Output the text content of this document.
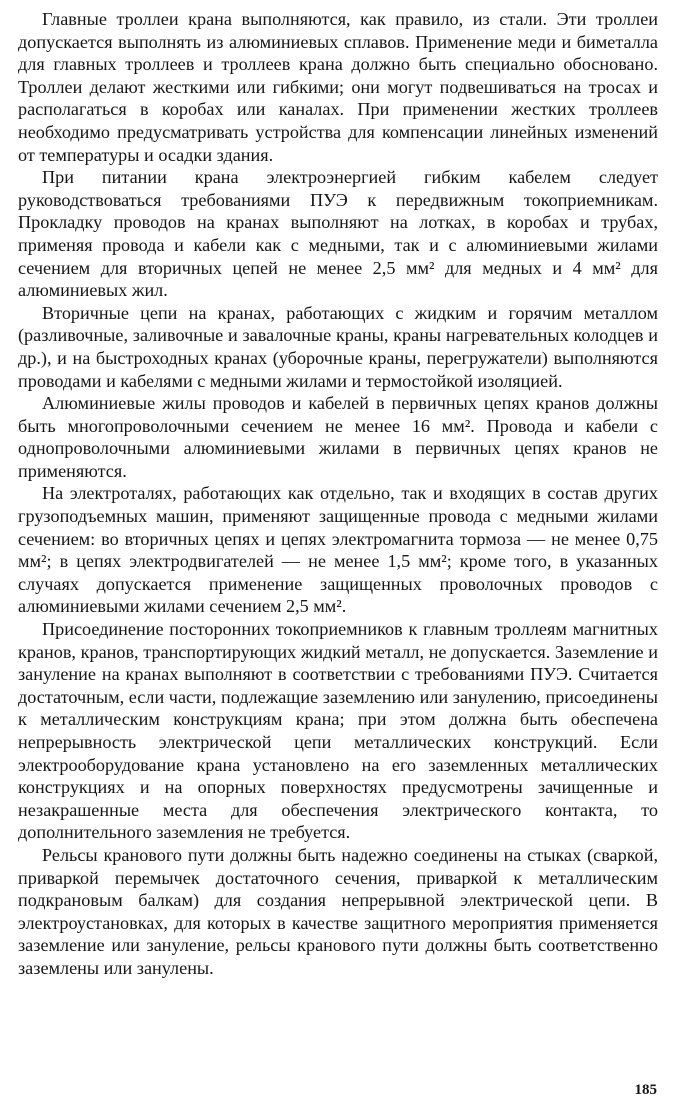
Главные троллеи крана выполняются, как правило, из стали. Эти троллеи допускается выполнять из алюминиевых сплавов. Применение меди и биметалла для главных троллеев и троллеев крана должно быть специально обосновано. Троллеи делают жесткими или гибкими; они могут подвешиваться на тросах и располагаться в коробах или каналах. При применении жестких троллеев необходимо предусматривать устройства для компенсации линейных изменений от температуры и осадки здания.

При питании крана электроэнергией гибким кабелем следует руководствоваться требованиями ПУЭ к передвижным токоприемникам. Прокладку проводов на кранах выполняют на лотках, в коробах и трубах, применяя провода и кабели как с медными, так и с алюминиевыми жилами сечением для вторичных цепей не менее 2,5 мм² для медных и 4 мм² для алюминиевых жил.

Вторичные цепи на кранах, работающих с жидким и горячим металлом (разливочные, заливочные и завалочные краны, краны нагревательных колодцев и др.), и на быстроходных кранах (уборочные краны, перегружатели) выполняются проводами и кабелями с медными жилами и термостойкой изоляцией.

Алюминиевые жилы проводов и кабелей в первичных цепях кранов должны быть многопроволочными сечением не менее 16 мм². Провода и кабели с однопроволочными алюминиевыми жилами в первичных цепях кранов не применяются.

На электроталях, работающих как отдельно, так и входящих в состав других грузоподъемных машин, применяют защищенные провода с медными жилами сечением: во вторичных цепях и цепях электромагнита тормоза — не менее 0,75 мм²; в цепях электродвигателей — не менее 1,5 мм²; кроме того, в указанных случаях допускается применение защищенных проволочных проводов с алюминиевыми жилами сечением 2,5 мм².

Присоединение посторонних токоприемников к главным троллеям магнитных кранов, кранов, транспортирующих жидкий металл, не допускается. Заземление и зануление на кранах выполняют в соответствии с требованиями ПУЭ. Считается достаточным, если части, подлежащие заземлению или занулению, присоединены к металлическим конструкциям крана; при этом должна быть обеспечена непрерывность электрической цепи металлических конструкций. Если электрооборудование крана установлено на его заземленных металлических конструкциях и на опорных поверхностях предусмотрены зачищенные и незакрашенные места для обеспечения электрического контакта, то дополнительного заземления не требуется.

Рельсы кранового пути должны быть надежно соединены на стыках (сваркой, приваркой перемычек достаточного сечения, приваркой к металлическим подкрановым балкам) для создания непрерывной электрической цепи. В электроустановках, для которых в качестве защитного мероприятия применяется заземление или зануление, рельсы кранового пути должны быть соответственно заземлены или занулены.

185
